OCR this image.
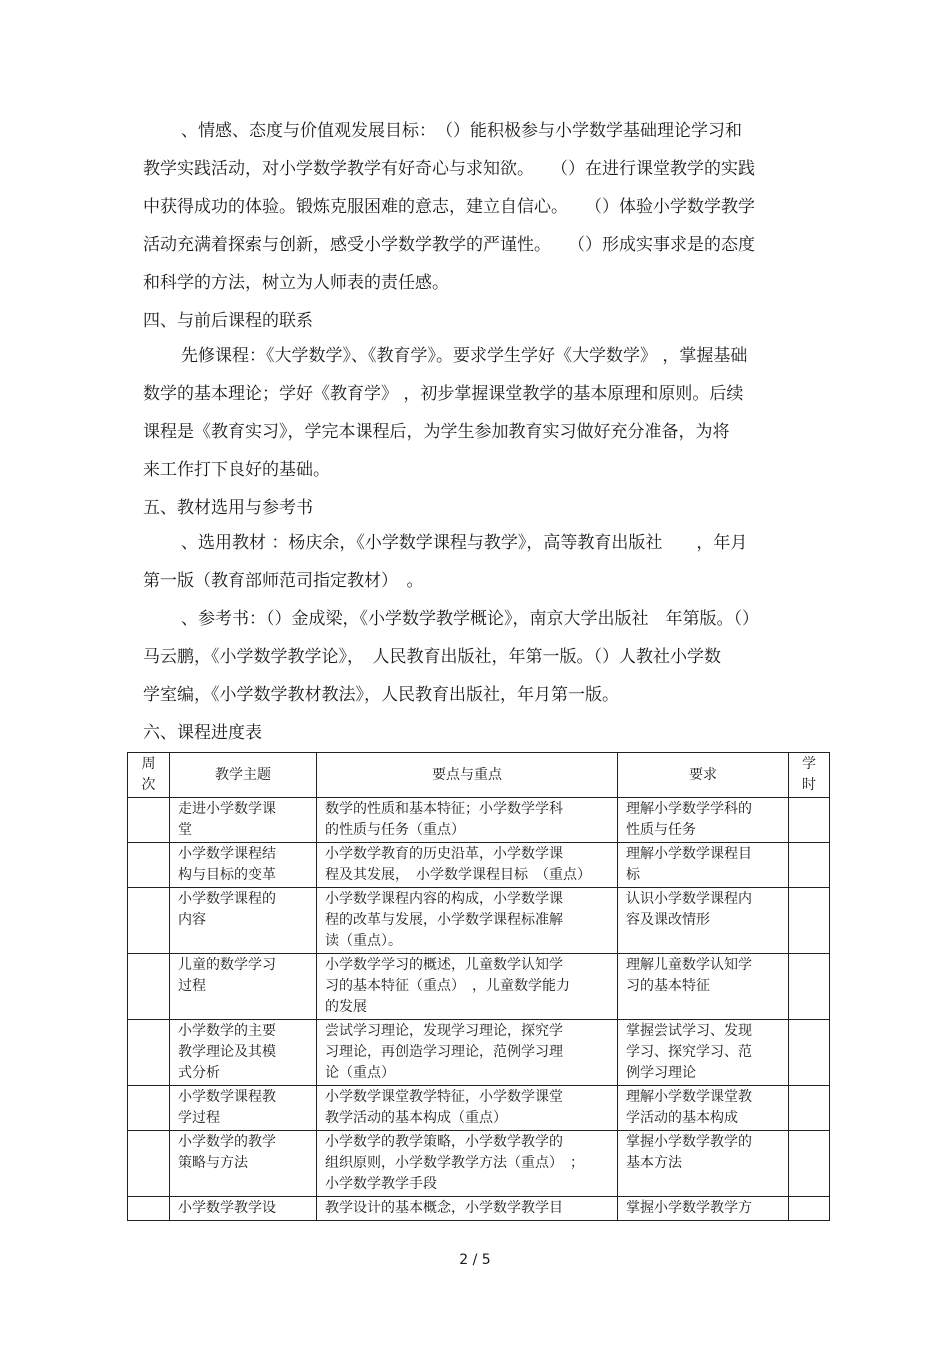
、情感、态度与价值观发展目标：　（）能积极参与小学数学基础理论学习和

教学实践活动，对小学数学教学有好奇心与求知欲。　　（）在进行课堂教学的实践

中获得成功的体验。锻炼克服困难的意志，建立自信心。　　（）体验小学数学教学

活动充满着探索与创新，感受小学数学教学的严谨性。　　（）形成实事求是的态度

和科学的方法，树立为人师表的责任感。

四、与前后课程的联系

先修课程：《大学数学》、《教育学》。要求学生学好《大学数学》 ，掌握基础

数学的基本理论；学好《教育学》 ，初步掌握课堂教学的基本原理和原则。后续

课程是《教育实习》，学完本课程后，为学生参加教育实习做好充分准备，为将

来工作打下良好的基础。

五、教材选用与参考书

、选用教材 ：杨庆余，《小学数学课程与教学》，高等教育出版社　　，年月

第一版（教育部师范司指定教材）　。

、参考书：（）金成梁，《小学数学教学概论》，南京大学出版社　年第版。（）

马云鹏，《小学数学教学论》，　人民教育出版社，年第一版。（）人教社小学数

学室编，《小学数学教材教法》，人民教育出版社，年月第一版。

六、课程进度表

周
次	教学主题	要点与重点	要求	学
时

	走进小学数学课
堂	数学的性质和基本特征；小学数学学科
的性质与任务（重点）	理解小学数学学科的
性质与任务	

	小学数学课程结
构与目标的变革	小学数学教育的历史沿革，小学数学课
程及其发展，　小学数学课程目标　（重点）	理解小学数学课程目
标	

	小学数学课程的
内容	小学数学课程内容的构成，小学数学课
程的改革与发展，小学数学课程标准解
读（重点）。	认识小学数学课程内
容及课改情形	

	儿童的数学学习
过程	小学数学学习的概述，儿童数学认知学
习的基本特征（重点）　，儿童数学能力
的发展	理解儿童数学认知学
习的基本特征	

	小学数学的主要
教学理论及其模
式分析	尝试学习理论，发现学习理论，探究学
习理论，再创造学习理论，范例学习理
论（重点）	掌握尝试学习、发现
学习、探究学习、范
例学习理论	

	小学数学课程教
学过程	小学数学课堂教学特征，小学数学课堂
教学活动的基本构成（重点）	理解小学数学课堂教
学活动的基本构成	

	小学数学的教学
策略与方法	小学数学的教学策略，小学数学教学的
组织原则，小学数学教学方法（重点）　；
小学数学教学手段	掌握小学数学教学的
基本方法	

	小学数学教学设	教学设计的基本概念，小学数学教学目	掌握小学数学教学方	

2 / 5
